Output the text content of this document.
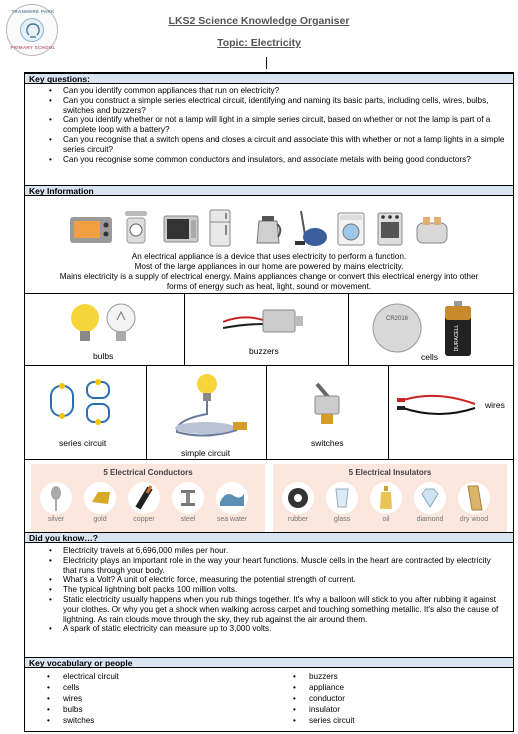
TRANMERE PARK
PRIMARY SCHOOL
LKS2 Science Knowledge Organiser
Topic: Electricity
Key questions:
• Can you identify common appliances that run on electricity?
• Can you construct a simple series electrical circuit, identifying and naming its basic parts, including cells, wires, bulbs, switches and buzzers?
• Can you identify whether or not a lamp will light in a simple series circuit, based on whether or not the lamp is part of a complete loop with a battery?
• Can you recognise that a switch opens and closes a circuit and associate this with whether or not a lamp lights in a simple series circuit?
• Can you recognise some common conductors and insulators, and associate metals with being good conductors?
Key Information
An electrical appliance is a device that uses electricity to perform a function.
Most of the large appliances in our home are powered by mains electricity.
Mains electricity is a supply of electrical energy. Mains appliances change or convert this electrical energy into other
forms of energy such as heat, light, sound or movement.
bulbs	buzzers
CR2016
DURACELL
cells
series circuit
simple circuit
switches
wires
5 Electrical Conductors
silver	gold	copper	steel	sea water
5 Electrical Insulators
rubber	glass	oil	diamond	dry wood
Did you know…?
• Electricity travels at 6,696,000 miles per hour.
• Electricity plays an important role in the way your heart functions. Muscle cells in the heart are contracted by electricity that runs through your body.
• What's a Volt? A unit of electric force, measuring the potential strength of current.
• The typical lightning bolt packs 100 million volts.
• Static electricity usually happens when you rub things together. It's why a balloon will stick to you after rubbing it against your clothes. Or why you get a shock when walking across carpet and touching something metallic. It's also the cause of lightning. As rain clouds move through the sky, they rub against the air around them.
• A spark of static electricity can measure up to 3,000 volts.
Key vocabulary or people
• electrical circuit
• cells
• wires
• bulbs
• switches
• buzzers
• appliance
• conductor
• insulator
• series circuit
